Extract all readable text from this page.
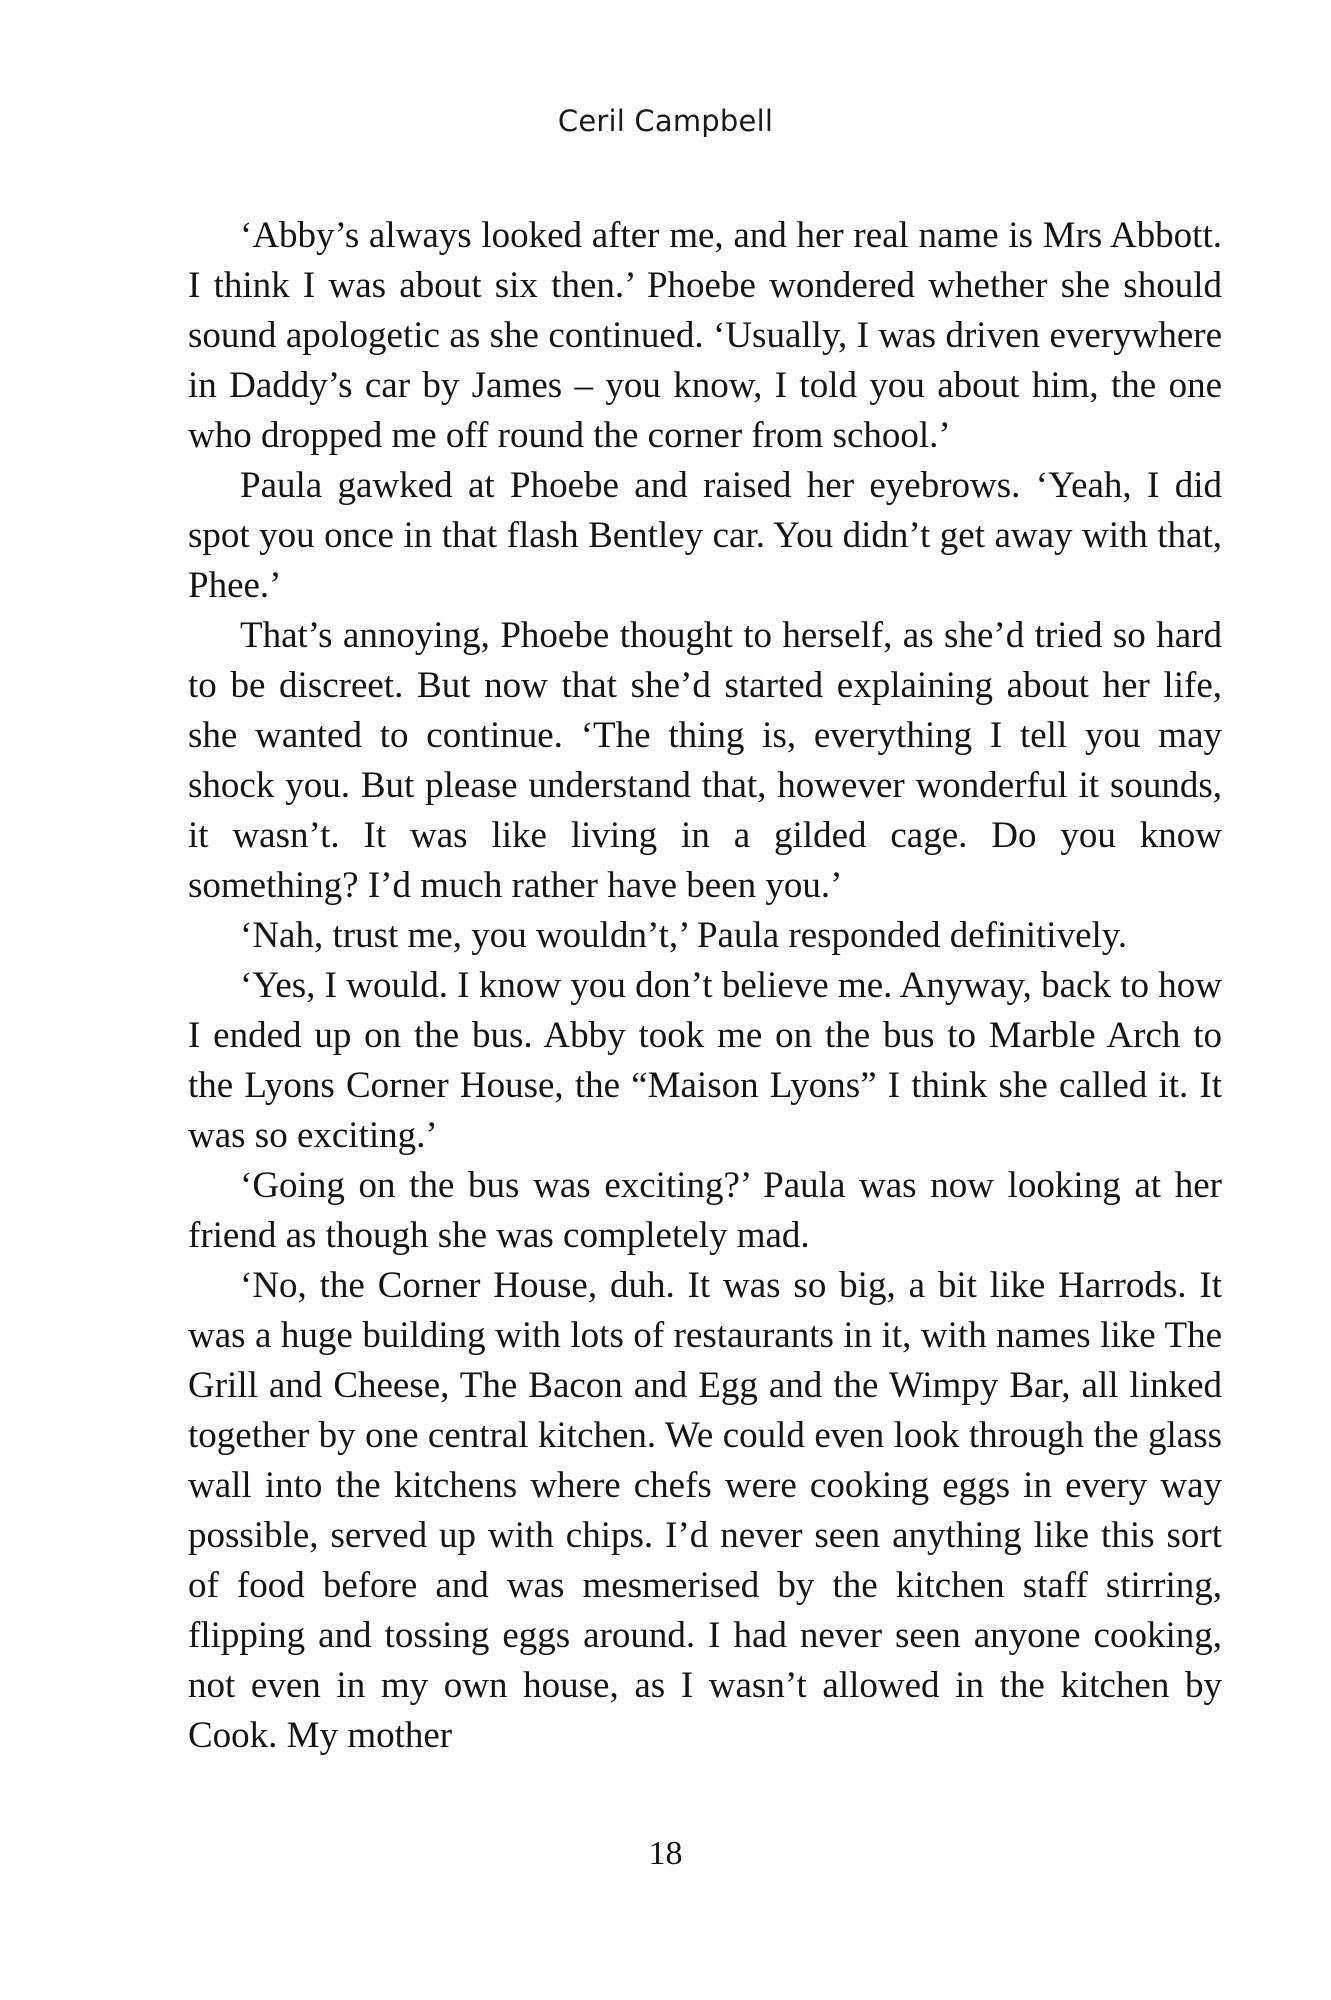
Ceril Campbell

‘Abby’s always looked after me, and her real name is Mrs Abbott. I think I was about six then.’ Phoebe wondered whether she should sound apologetic as she continued. ‘Usually, I was driven everywhere in Daddy’s car by James – you know, I told you about him, the one who dropped me off round the corner from school.’

Paula gawked at Phoebe and raised her eyebrows. ‘Yeah, I did spot you once in that flash Bentley car. You didn’t get away with that, Phee.’

That’s annoying, Phoebe thought to herself, as she’d tried so hard to be discreet. But now that she’d started explaining about her life, she wanted to continue. ‘The thing is, everything I tell you may shock you. But please understand that, however wonderful it sounds, it wasn’t. It was like living in a gilded cage. Do you know something? I’d much rather have been you.’

‘Nah, trust me, you wouldn’t,’ Paula responded definitively.

‘Yes, I would. I know you don’t believe me. Anyway, back to how I ended up on the bus. Abby took me on the bus to Marble Arch to the Lyons Corner House, the “Maison Lyons” I think she called it. It was so exciting.’

‘Going on the bus was exciting?’ Paula was now looking at her friend as though she was completely mad.

‘No, the Corner House, duh. It was so big, a bit like Harrods. It was a huge building with lots of restaurants in it, with names like The Grill and Cheese, The Bacon and Egg and the Wimpy Bar, all linked together by one central kitchen. We could even look through the glass wall into the kitchens where chefs were cooking eggs in every way possible, served up with chips. I’d never seen anything like this sort of food before and was mesmerised by the kitchen staff stirring, flipping and tossing eggs around. I had never seen anyone cooking, not even in my own house, as I wasn’t allowed in the kitchen by Cook. My mother

18
